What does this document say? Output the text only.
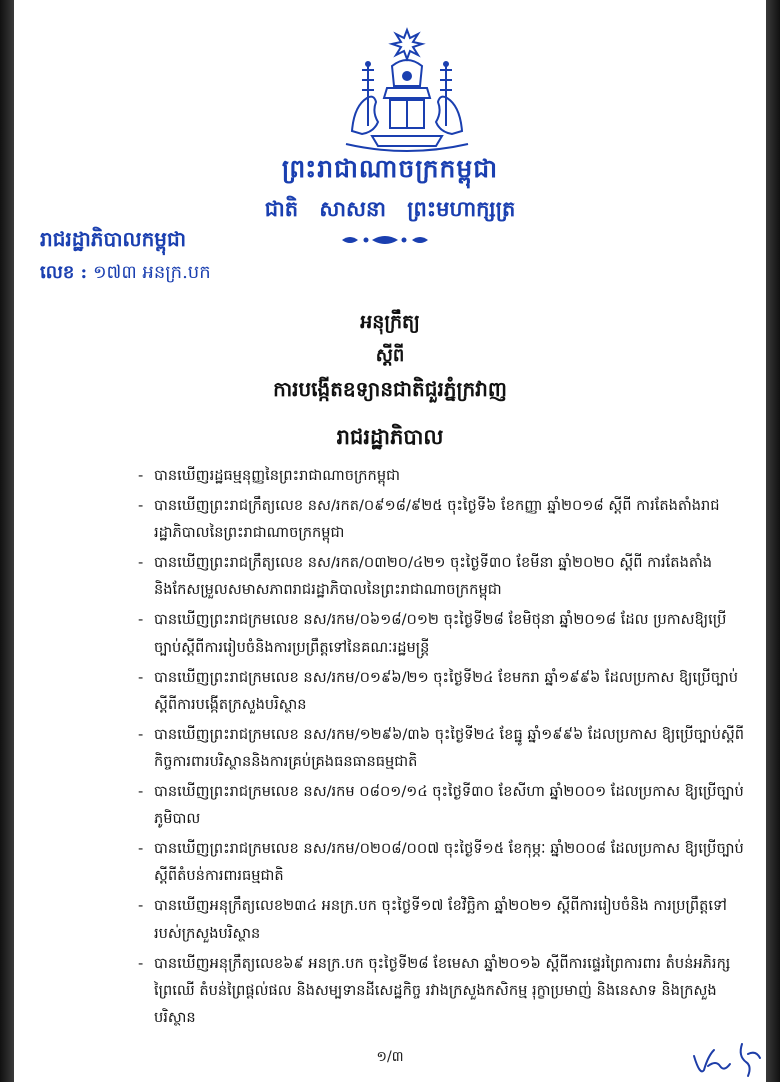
ព្រះរាជាណាចក្រកម្ពុជា
ជាតិ សាសនា ព្រះមហាក្សត្រ
រាជរដ្ឋាភិបាលកម្ពុជា
លេខ : ១៧៣ អនក្រ.បក
អនុក្រឹត្យ
ស្ដីពី
ការបង្កើតឧទ្យានជាតិជួរភ្នំក្រវាញ
រាជរដ្ឋាភិបាល
- បានឃើញរដ្ឋធម្មនុញ្ញនៃព្រះរាជាណាចក្រកម្ពុជា
- បានឃើញព្រះរាជក្រឹត្យលេខ នស/រកត/០៩១៨/៩២៥ ចុះថ្ងៃទី៦ ខែកញ្ញា ឆ្នាំ២០១៨ ស្ដីពី ការតែងតាំងរាជរដ្ឋាភិបាលនៃព្រះរាជាណាចក្រកម្ពុជា
- បានឃើញព្រះរាជក្រឹត្យលេខ នស/រកត/០៣២០/៤២១ ចុះថ្ងៃទី៣០ ខែមីនា ឆ្នាំ២០២០ ស្ដីពី ការតែងតាំងនិងកែសម្រួលសមាសភាពរាជរដ្ឋាភិបាលនៃព្រះរាជាណាចក្រកម្ពុជា
- បានឃើញព្រះរាជក្រមលេខ នស/រកម/០៦១៨/០១២ ចុះថ្ងៃទី២៨ ខែមិថុនា ឆ្នាំ២០១៨ ដែល ប្រកាសឱ្យប្រើច្បាប់ស្ដីពីការរៀបចំនិងការប្រព្រឹត្តទៅនៃគណៈរដ្ឋមន្ត្រី
- បានឃើញព្រះរាជក្រមលេខ នស/រកម/០១៩៦/២១ ចុះថ្ងៃទី២៤ ខែមករា ឆ្នាំ១៩៩៦ ដែលប្រកាស ឱ្យប្រើច្បាប់ស្ដីពីការបង្កើតក្រសួងបរិស្ថាន
- បានឃើញព្រះរាជក្រមលេខ នស/រកម/១២៩៦/៣៦ ចុះថ្ងៃទី២៤ ខែធ្នូ ឆ្នាំ១៩៩៦ ដែលប្រកាស ឱ្យប្រើច្បាប់ស្ដីពីកិច្ចការពារបរិស្ថាននិងការគ្រប់គ្រងធនធានធម្មជាតិ
- បានឃើញព្រះរាជក្រមលេខ នស/រកម ០៨០១/១៤ ចុះថ្ងៃទី៣០ ខែសីហា ឆ្នាំ២០០១ ដែលប្រកាស ឱ្យប្រើច្បាប់ភូមិបាល
- បានឃើញព្រះរាជក្រមលេខ នស/រកម/០២០៨/០០៧ ចុះថ្ងៃទី១៥ ខែកុម្ភៈ ឆ្នាំ២០០៨ ដែលប្រកាស ឱ្យប្រើច្បាប់ស្ដីពីតំបន់ការពារធម្មជាតិ
- បានឃើញអនុក្រឹត្យលេខ២៣៤ អនក្រ.បក ចុះថ្ងៃទី១៧ ខែវិច្ឆិកា ឆ្នាំ២០២១ ស្ដីពីការរៀបចំនិង ការប្រព្រឹត្តទៅរបស់ក្រសួងបរិស្ថាន
- បានឃើញអនុក្រឹត្យលេខ៦៩ អនក្រ.បក ចុះថ្ងៃទី២៨ ខែមេសា ឆ្នាំ២០១៦ ស្ដីពីការផ្ទេរព្រៃការពារ តំបន់អភិរក្សព្រៃឈើ តំបន់ព្រៃផ្ដល់ផល និងសម្បទានដីសេដ្ឋកិច្ច រវាងក្រសួងកសិកម្ម រុក្ខាប្រមាញ់ និងនេសាទ និងក្រសួងបរិស្ថាន
១/៣
